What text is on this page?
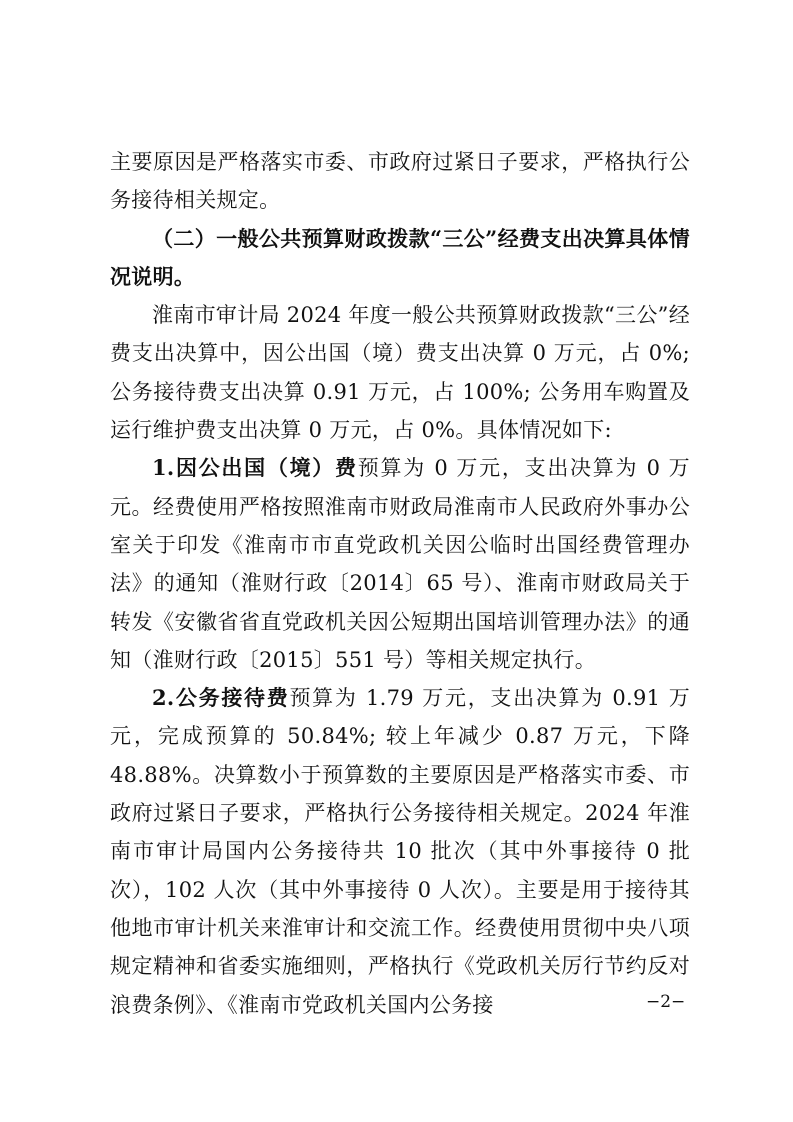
主要原因是严格落实市委、市政府过紧日子要求，严格执行公务接待相关规定。

（二）一般公共预算财政拨款“三公”经费支出决算具体情况说明。

淮南市审计局 2024 年度一般公共预算财政拨款“三公”经费支出决算中，因公出国（境）费支出决算 0 万元，占 0%;公务接待费支出决算 0.91 万元，占 100%; 公务用车购置及运行维护费支出决算 0 万元，占 0%。具体情况如下:

1.因公出国（境）费预算为 0 万元，支出决算为 0 万元。经费使用严格按照淮南市财政局淮南市人民政府外事办公室关于印发《淮南市市直党政机关因公临时出国经费管理办法》的通知（淮财行政〔2014〕65 号）、淮南市财政局关于转发《安徽省省直党政机关因公短期出国培训管理办法》的通知（淮财行政〔2015〕551 号）等相关规定执行。

2.公务接待费预算为 1.79 万元，支出决算为 0.91 万元，完成预算的 50.84%; 较上年减少 0.87 万元，下降 48.88%。决算数小于预算数的主要原因是严格落实市委、市政府过紧日子要求，严格执行公务接待相关规定。2024 年淮南市审计局国内公务接待共 10 批次（其中外事接待 0 批次），102 人次（其中外事接待 0 人次）。主要是用于接待其他地市审计机关来淮审计和交流工作。经费使用贯彻中央八项规定精神和省委实施细则，严格执行《党政机关厉行节约反对浪费条例》、《淮南市党政机关国内公务接	−2−
